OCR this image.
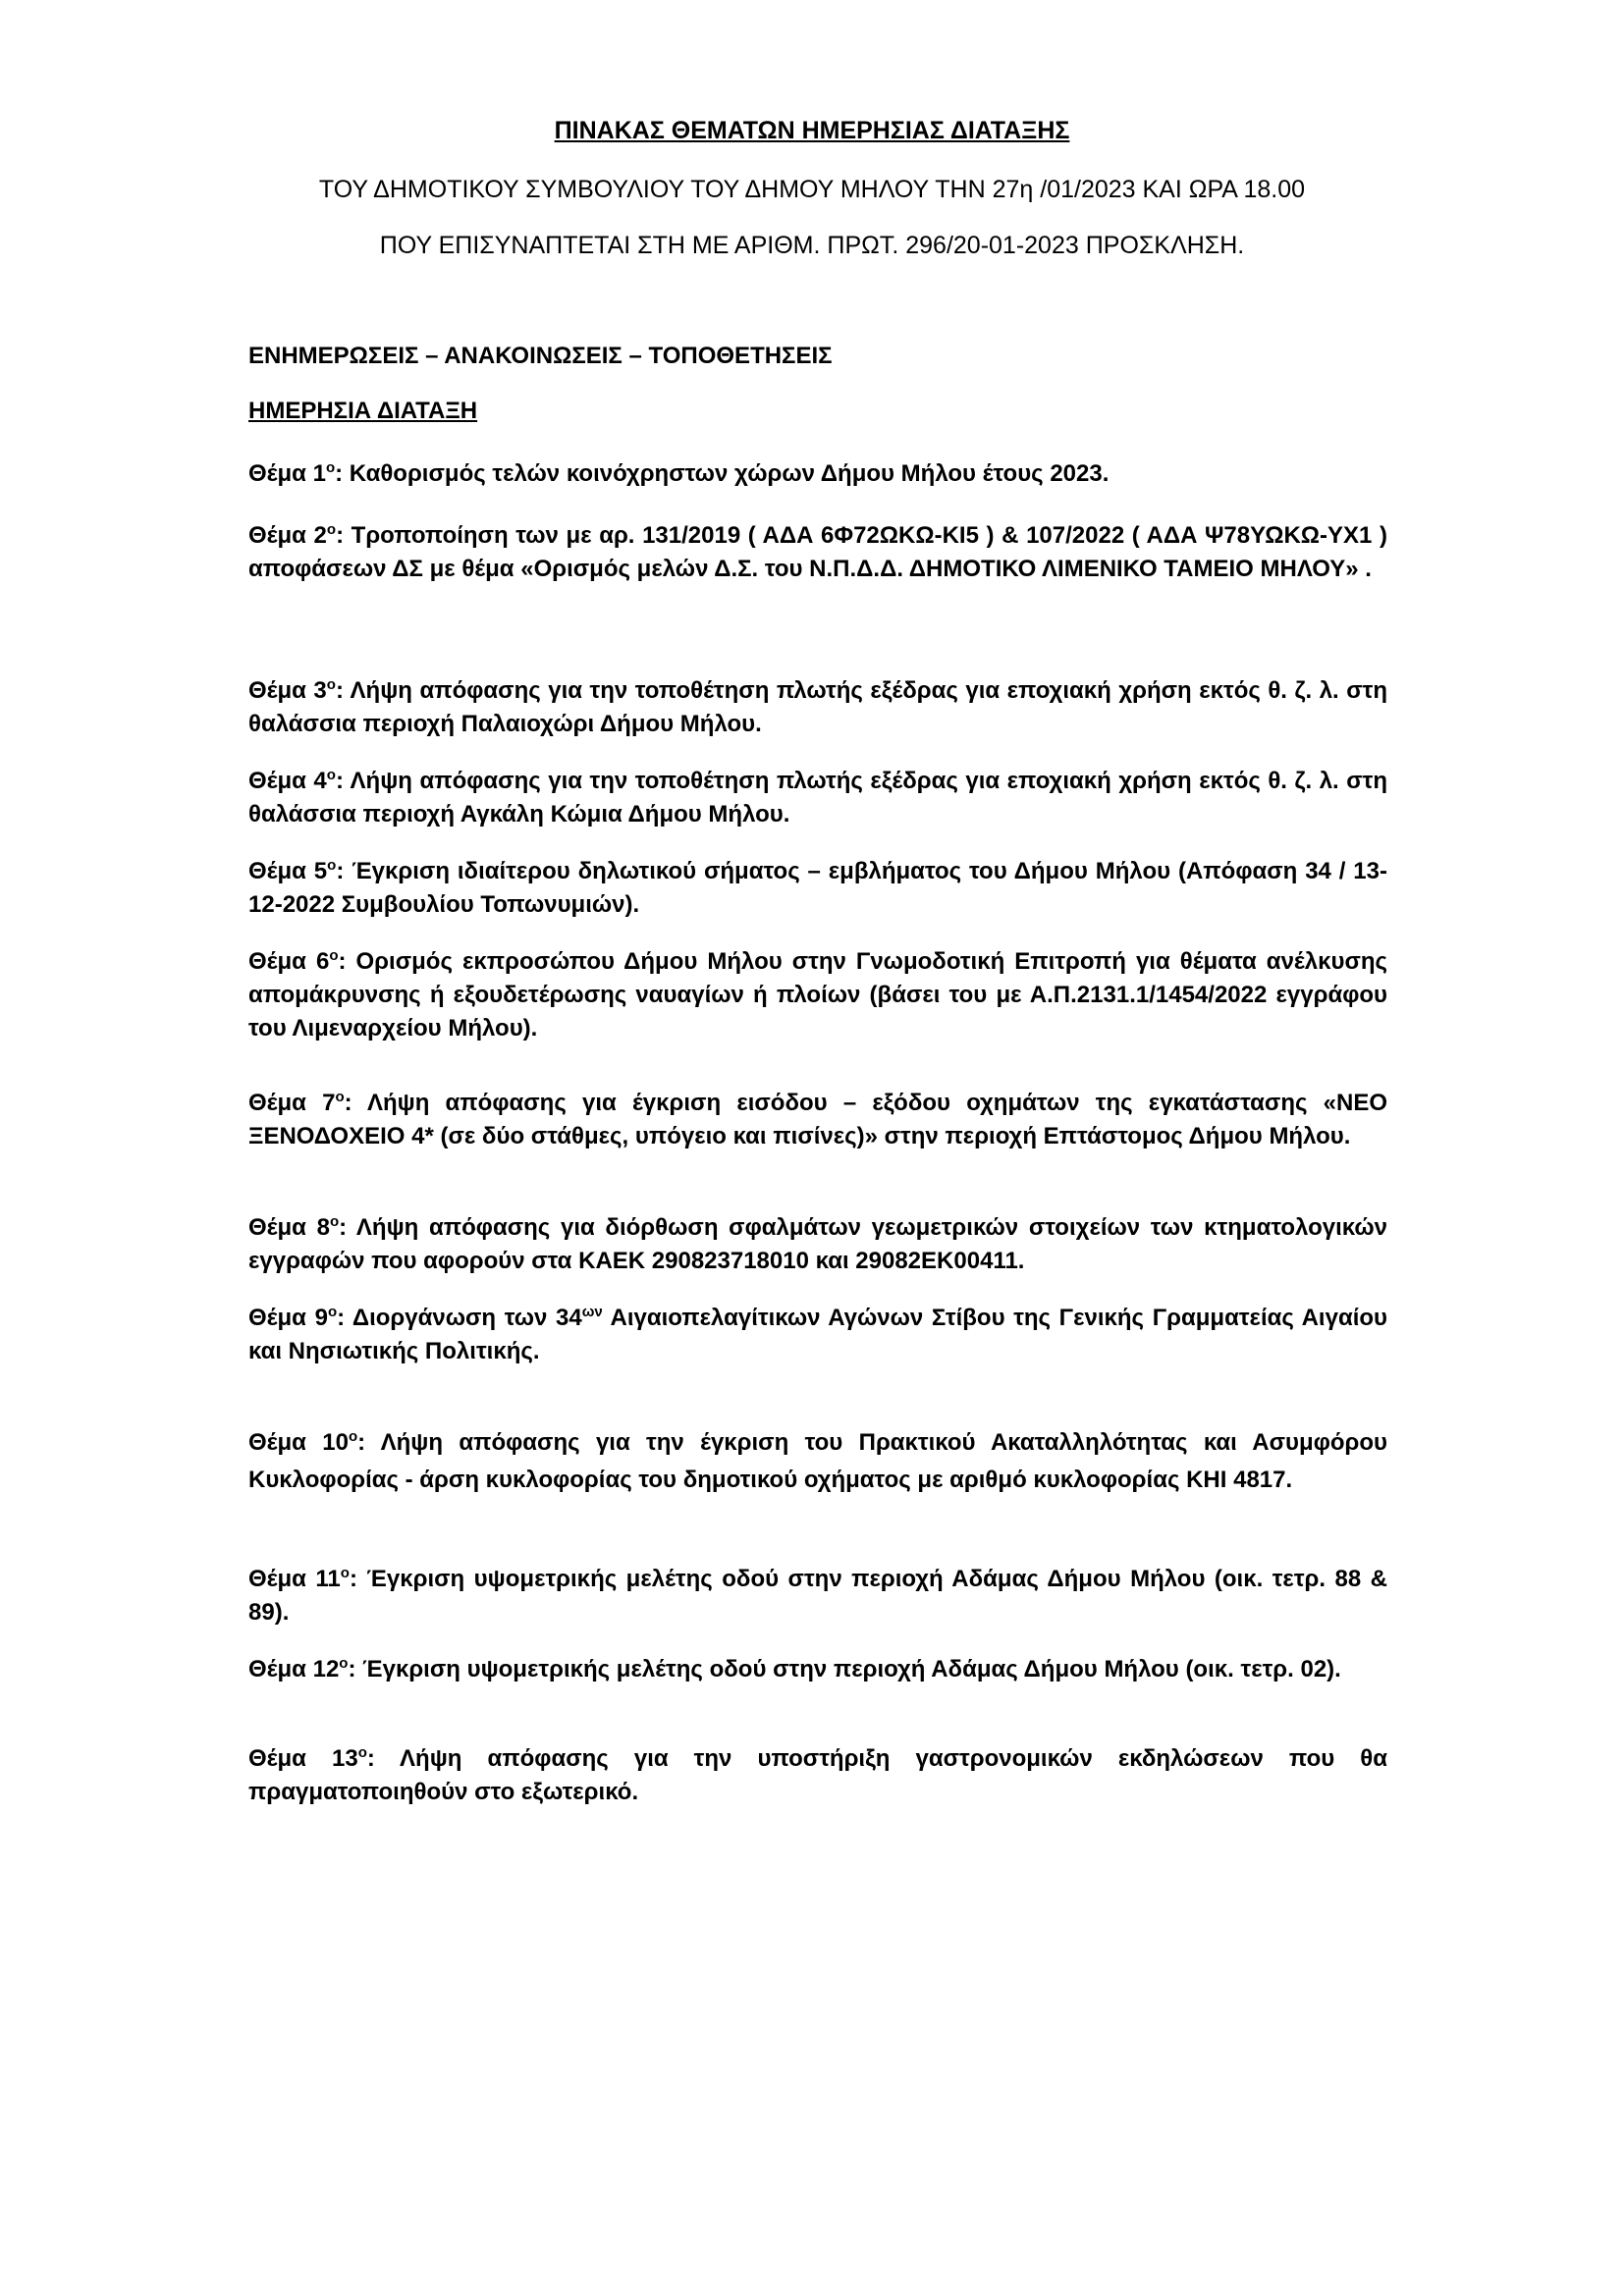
ΠΙΝΑΚΑΣ ΘΕΜΑΤΩΝ ΗΜΕΡΗΣΙΑΣ ΔΙΑΤΑΞΗΣ
ΤΟΥ ΔΗΜΟΤΙΚΟΥ ΣΥΜΒΟΥΛΙΟΥ ΤΟΥ ΔΗΜΟΥ ΜΗΛΟΥ ΤΗΝ 27η /01/2023 ΚΑΙ ΩΡΑ 18.00
ΠΟΥ ΕΠΙΣΥΝΑΠΤΕΤΑΙ ΣΤΗ ΜΕ ΑΡΙΘΜ. ΠΡΩΤ. 296/20-01-2023 ΠΡΟΣΚΛΗΣΗ.
ΕΝΗΜΕΡΩΣΕΙΣ – ΑΝΑΚΟΙΝΩΣΕΙΣ – ΤΟΠΟΘΕΤΗΣΕΙΣ
ΗΜΕΡΗΣΙΑ ΔΙΑΤΑΞΗ

Θέμα $1^o$: Καθορισμός τελών κοινόχρηστων χώρων Δήμου Μήλου έτους 2023.

Θέμα $2^o$: Τροποποίηση των με αρ. 131/2019 ( ΑΔΑ 6Φ72ΩΚΩ-ΚΙ5 ) & 107/2022 ( ΑΔΑ Ψ78ΥΩΚΩ-ΥΧ1 ) αποφάσεων ΔΣ με θέμα «Ορισμός μελών Δ.Σ. του Ν.Π.Δ.Δ. ΔΗΜΟΤΙΚΟ ΛΙΜΕΝΙΚΟ ΤΑΜΕΙΟ ΜΗΛΟΥ» .

Θέμα $3^o$: Λήψη απόφασης για την τοποθέτηση πλωτής εξέδρας για εποχιακή χρήση εκτός θ. ζ. λ. στη θαλάσσια περιοχή Παλαιοχώρι Δήμου Μήλου.

Θέμα $4^o$: Λήψη απόφασης για την τοποθέτηση πλωτής εξέδρας για εποχιακή χρήση εκτός θ. ζ. λ. στη θαλάσσια περιοχή Αγκάλη Κώμια Δήμου Μήλου.

Θέμα $5^o$: Έγκριση ιδιαίτερου δηλωτικού σήματος – εμβλήματος του Δήμου Μήλου (Απόφαση 34 / 13-12-2022 Συμβουλίου Τοπωνυμιών).

Θέμα $6^o$: Ορισμός εκπροσώπου Δήμου Μήλου στην Γνωμοδοτική Επιτροπή για θέματα ανέλκυσης απομάκρυνσης ή εξουδετέρωσης ναυαγίων ή πλοίων (βάσει του με Α.Π.2131.1/1454/2022 εγγράφου του Λιμεναρχείου Μήλου).

Θέμα $7^o$: Λήψη απόφασης για έγκριση εισόδου – εξόδου οχημάτων της εγκατάστασης «ΝΕΟ ΞΕΝΟΔΟΧΕΙΟ 4* (σε δύο στάθμες, υπόγειο και πισίνες)» στην περιοχή Επτάστομος Δήμου Μήλου.

Θέμα $8^o$: Λήψη απόφασης για διόρθωση σφαλμάτων γεωμετρικών στοιχείων των κτηματολογικών εγγραφών που αφορούν στα ΚΑΕΚ 290823718010 και 29082ΕΚ00411.

Θέμα $9^o$: Διοργάνωση των $34^{\omega\nu}$ Αιγαιοπελαγίτικων Αγώνων Στίβου της Γενικής Γραμματείας Αιγαίου και Νησιωτικής Πολιτικής.

Θέμα $10^o$: Λήψη απόφασης για την έγκριση του Πρακτικού Ακαταλληλότητας και Ασυμφόρου Κυκλοφορίας - άρση κυκλοφορίας του δημοτικού οχήματος με αριθμό κυκλοφορίας ΚΗΙ 4817.

Θέμα $11^o$: Έγκριση υψομετρικής μελέτης οδού στην περιοχή Αδάμας Δήμου Μήλου (οικ. τετρ. 88 & 89).

Θέμα $12^o$: Έγκριση υψομετρικής μελέτης οδού στην περιοχή Αδάμας Δήμου Μήλου (οικ. τετρ. 02).

Θέμα $13^o$: Λήψη απόφασης για την υποστήριξη γαστρονομικών εκδηλώσεων που θα πραγματοποιηθούν στο εξωτερικό.
